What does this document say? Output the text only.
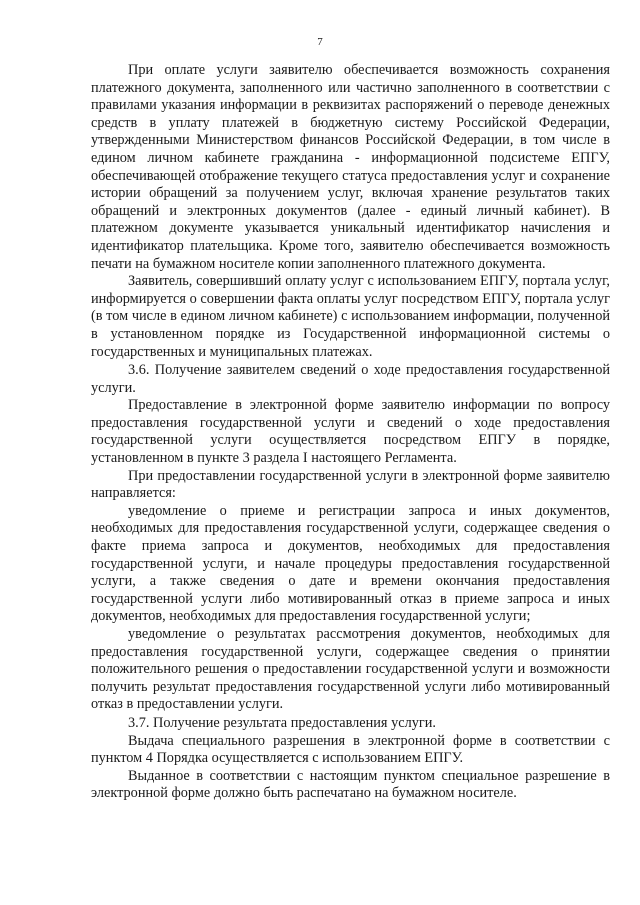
7

При оплате услуги заявителю обеспечивается возможность сохранения платежного документа, заполненного или частично заполненного в соответствии с правилами указания информации в реквизитах распоряжений о переводе денежных средств в уплату платежей в бюджетную систему Российской Федерации, утвержденными Министерством финансов Российской Федерации, в том числе в едином личном кабинете гражданина - информационной подсистеме ЕПГУ, обеспечивающей отображение текущего статуса предоставления услуг и сохранение истории обращений за получением услуг, включая хранение результатов таких обращений и электронных документов (далее - единый личный кабинет). В платежном документе указывается уникальный идентификатор начисления и идентификатор плательщика. Кроме того, заявителю обеспечивается возможность печати на бумажном носителе копии заполненного платежного документа.

Заявитель, совершивший оплату услуг с использованием ЕПГУ, портала услуг, информируется о совершении факта оплаты услуг посредством ЕПГУ, портала услуг (в том числе в едином личном кабинете) с использованием информации, полученной в установленном порядке из Государственной информационной системы о государственных и муниципальных платежах.

3.6. Получение заявителем сведений о ходе предоставления государственной услуги.

Предоставление в электронной форме заявителю информации по вопросу предоставления государственной услуги и сведений о ходе предоставления государственной услуги осуществляется посредством ЕПГУ в порядке, установленном в пункте 3 раздела I настоящего Регламента.

При предоставлении государственной услуги в электронной форме заявителю направляется:

уведомление о приеме и регистрации запроса и иных документов, необходимых для предоставления государственной услуги, содержащее сведения о факте приема запроса и документов, необходимых для предоставления государственной услуги, и начале процедуры предоставления государственной услуги, а также сведения о дате и времени окончания предоставления государственной услуги либо мотивированный отказ в приеме запроса и иных документов, необходимых для предоставления государственной услуги;

уведомление о результатах рассмотрения документов, необходимых для предоставления государственной услуги, содержащее сведения о принятии положительного решения о предоставлении государственной услуги и возможности получить результат предоставления государственной услуги либо мотивированный отказ в предоставлении услуги.

3.7. Получение результата предоставления услуги.

Выдача специального разрешения в электронной форме в соответствии с пунктом 4 Порядка осуществляется с использованием ЕПГУ.

Выданное в соответствии с настоящим пунктом специальное разрешение в электронной форме должно быть распечатано на бумажном носителе.
